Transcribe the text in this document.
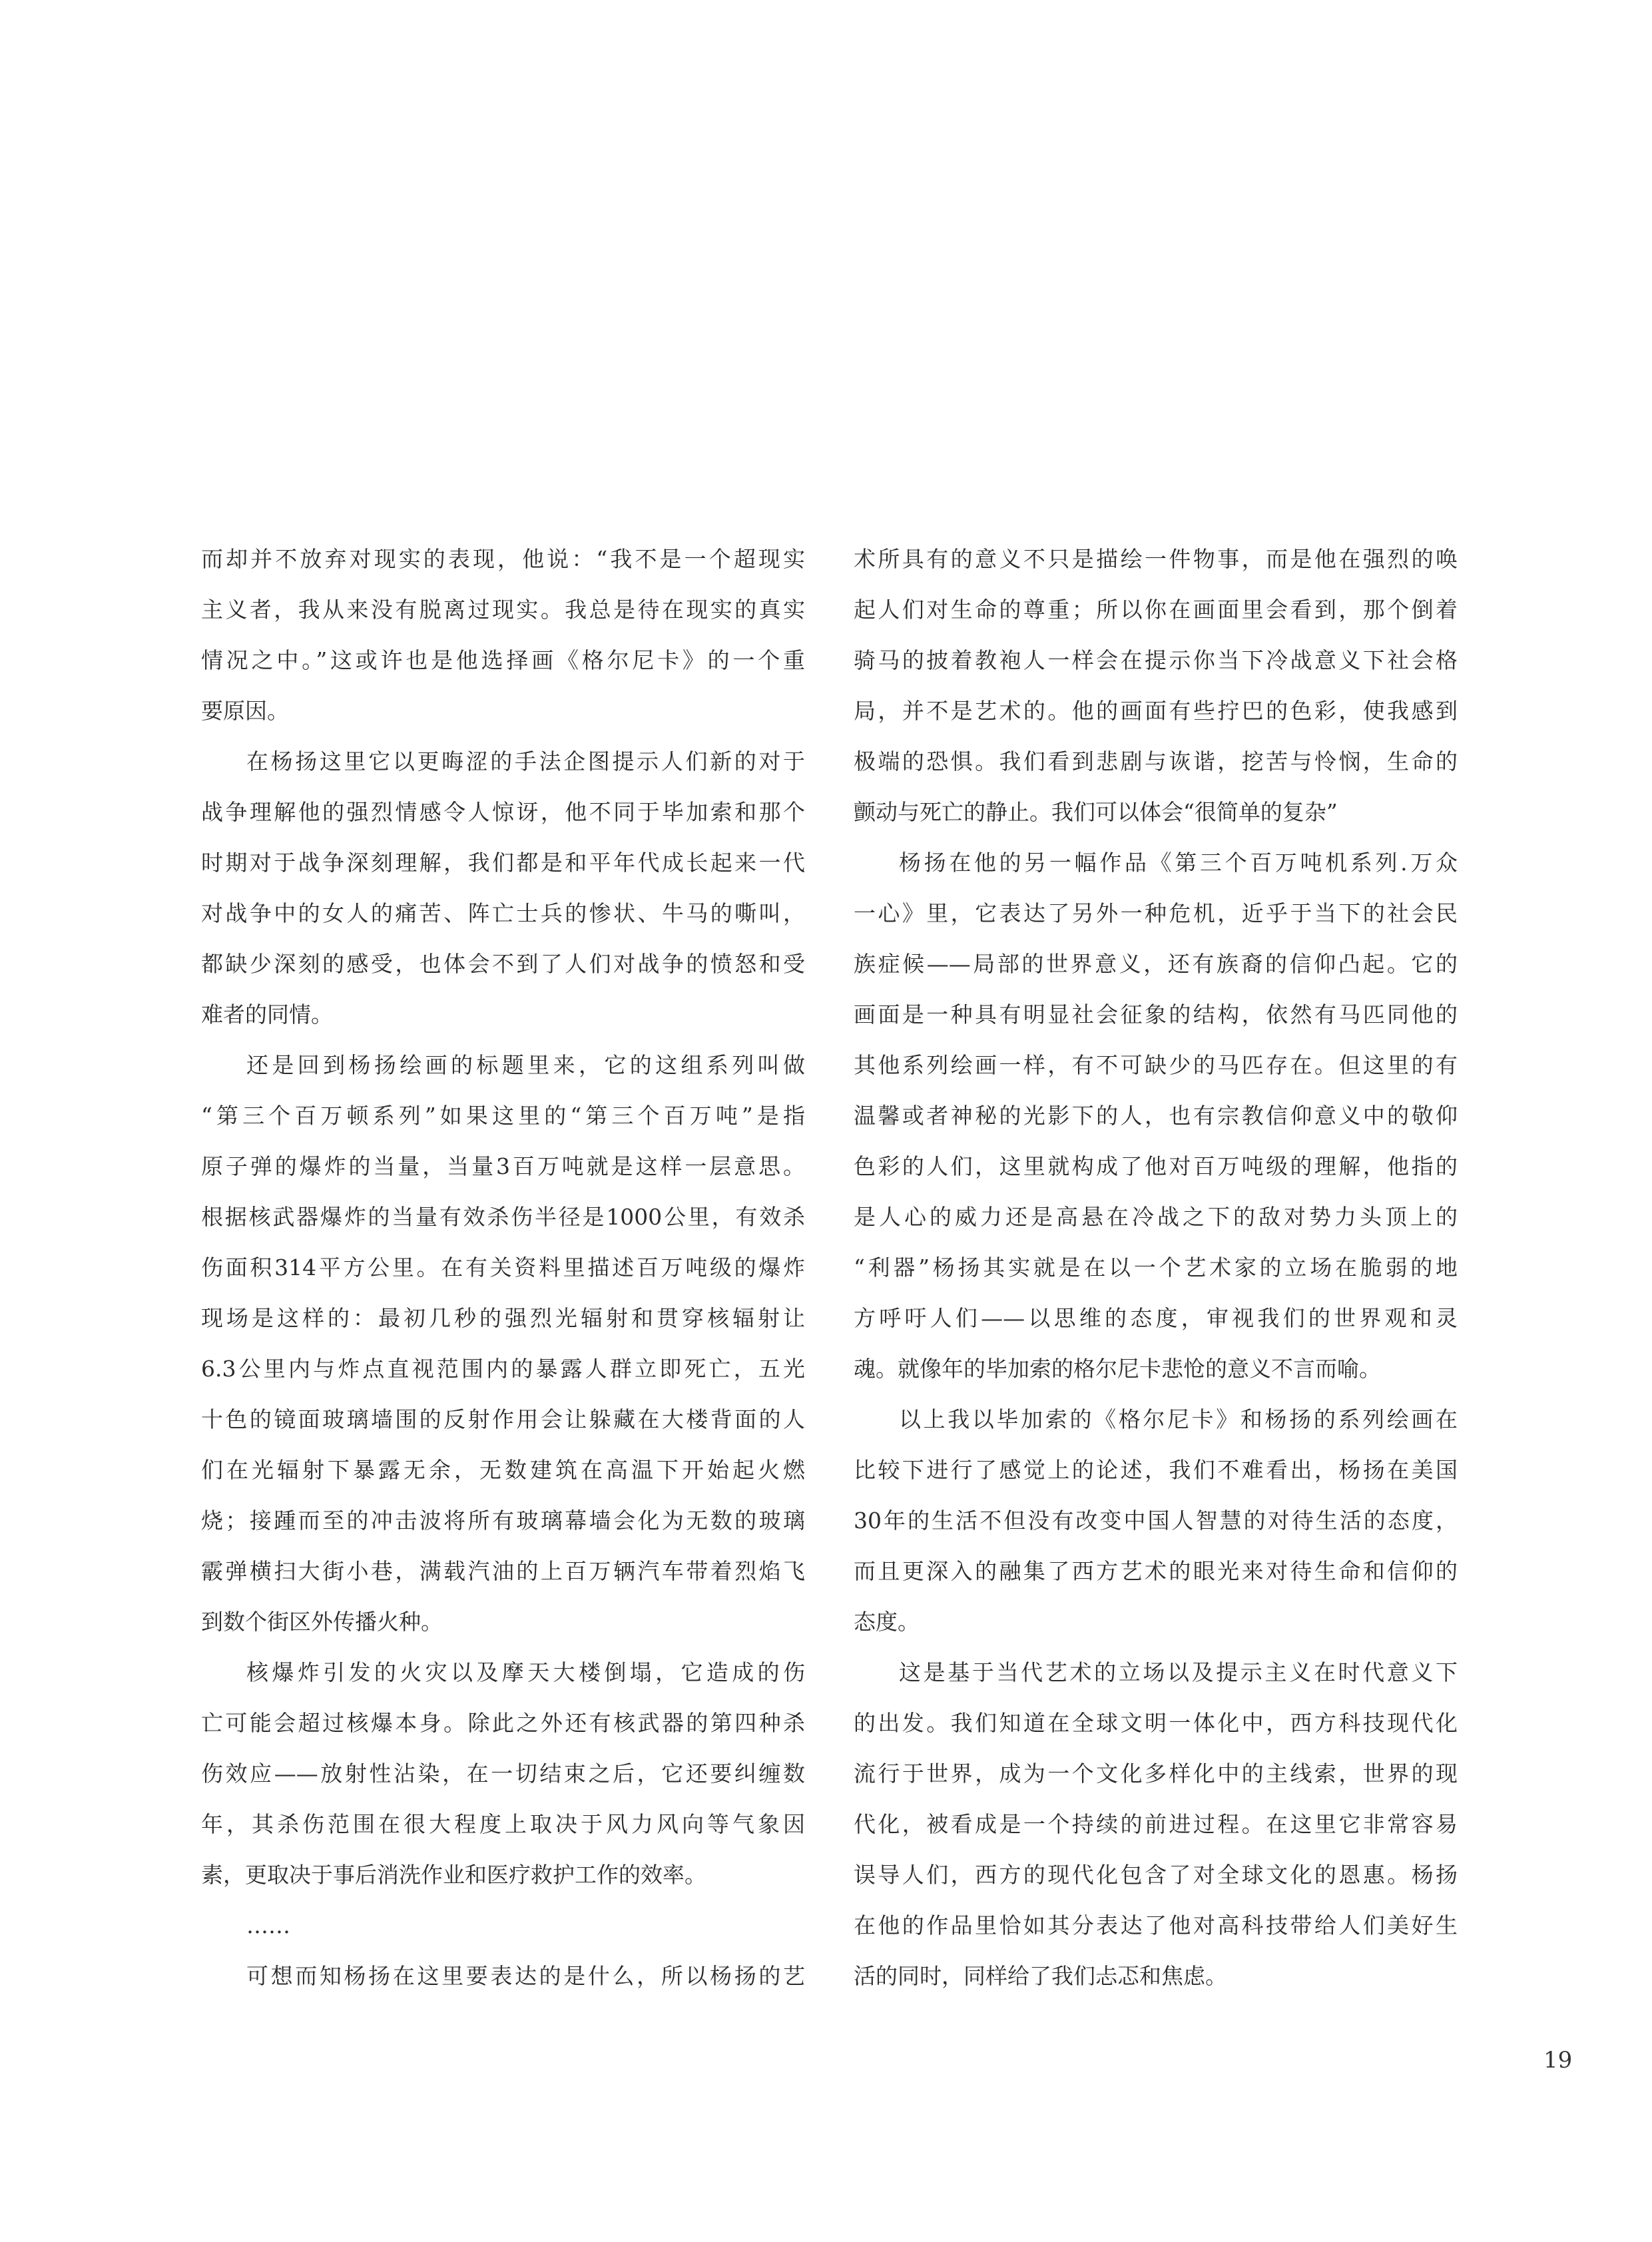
而却并不放弃对现实的表现，他说：“我不是一个超现实
主义者，我从来没有脱离过现实。我总是待在现实的真实
情况之中。”这或许也是他选择画《格尔尼卡》的一个重
要原因。
在杨扬这里它以更晦涩的手法企图提示人们新的对于
战争理解他的强烈情感令人惊讶，他不同于毕加索和那个
时期对于战争深刻理解，我们都是和平年代成长起来一代
对战争中的女人的痛苦、阵亡士兵的惨状、牛马的嘶叫，
都缺少深刻的感受，也体会不到了人们对战争的愤怒和受
难者的同情。
还是回到杨扬绘画的标题里来，它的这组系列叫做
“第三个百万顿系列”如果这里的“第三个百万吨”是指
原子弹的爆炸的当量，当量3百万吨就是这样一层意思。
根据核武器爆炸的当量有效杀伤半径是1000公里，有效杀
伤面积314平方公里。在有关资料里描述百万吨级的爆炸
现场是这样的：最初几秒的强烈光辐射和贯穿核辐射让
6.3公里内与炸点直视范围内的暴露人群立即死亡，五光
十色的镜面玻璃墙围的反射作用会让躲藏在大楼背面的人
们在光辐射下暴露无余，无数建筑在高温下开始起火燃
烧；接踵而至的冲击波将所有玻璃幕墙会化为无数的玻璃
霰弹横扫大街小巷，满载汽油的上百万辆汽车带着烈焰飞
到数个街区外传播火种。
核爆炸引发的火灾以及摩天大楼倒塌，它造成的伤
亡可能会超过核爆本身。除此之外还有核武器的第四种杀
伤效应——放射性沾染，在一切结束之后，它还要纠缠数
年，其杀伤范围在很大程度上取决于风力风向等气象因
素，更取决于事后消洗作业和医疗救护工作的效率。
……
可想而知杨扬在这里要表达的是什么，所以杨扬的艺
术所具有的意义不只是描绘一件物事，而是他在强烈的唤
起人们对生命的尊重；所以你在画面里会看到，那个倒着
骑马的披着教袍人一样会在提示你当下冷战意义下社会格
局，并不是艺术的。他的画面有些拧巴的色彩，使我感到
极端的恐惧。我们看到悲剧与诙谐，挖苦与怜悯，生命的
颤动与死亡的静止。我们可以体会“很简单的复杂”
杨扬在他的另一幅作品《第三个百万吨机系列.万众
一心》里，它表达了另外一种危机，近乎于当下的社会民
族症候——局部的世界意义，还有族裔的信仰凸起。它的
画面是一种具有明显社会征象的结构，依然有马匹同他的
其他系列绘画一样，有不可缺少的马匹存在。但这里的有
温馨或者神秘的光影下的人，也有宗教信仰意义中的敬仰
色彩的人们，这里就构成了他对百万吨级的理解，他指的
是人心的威力还是高悬在冷战之下的敌对势力头顶上的
“利器”杨扬其实就是在以一个艺术家的立场在脆弱的地
方呼吁人们——以思维的态度，审视我们的世界观和灵
魂。就像年的毕加索的格尔尼卡悲怆的意义不言而喻。
以上我以毕加索的《格尔尼卡》和杨扬的系列绘画在
比较下进行了感觉上的论述，我们不难看出，杨扬在美国
30年的生活不但没有改变中国人智慧的对待生活的态度，
而且更深入的融集了西方艺术的眼光来对待生命和信仰的
态度。
这是基于当代艺术的立场以及提示主义在时代意义下
的出发。我们知道在全球文明一体化中，西方科技现代化
流行于世界，成为一个文化多样化中的主线索，世界的现
代化，被看成是一个持续的前进过程。在这里它非常容易
误导人们，西方的现代化包含了对全球文化的恩惠。杨扬
在他的作品里恰如其分表达了他对高科技带给人们美好生
活的同时，同样给了我们忐忑和焦虑。
19
